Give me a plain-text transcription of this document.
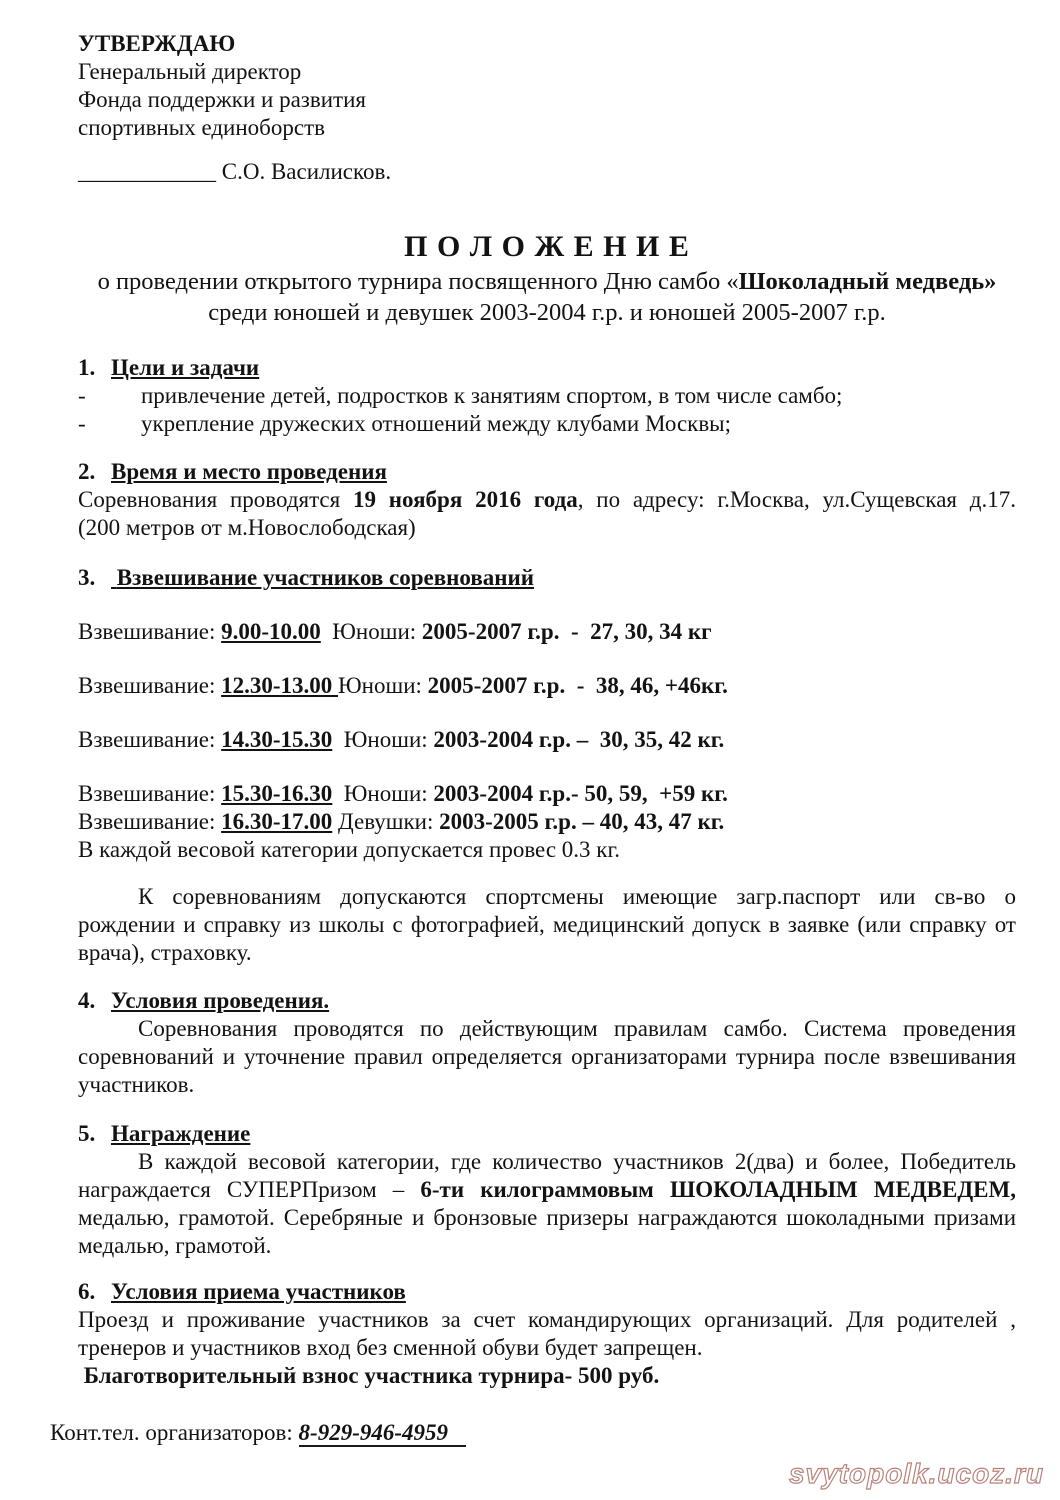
УТВЕРЖДАЮ
Генеральный директор
Фонда поддержки и развития
спортивных единоборств
____________ С.О. Василисков.
П О Л О Ж Е Н И Е
о проведении открытого турнира посвященного Дню самбо «Шоколадный медведь»
среди юношей и девушек 2003-2004 г.р. и юношей 2005-2007 г.р.
1. Цели и задачи
-	привлечение детей, подростков к занятиям спортом, в том числе самбо;
-	укрепление дружеских отношений между клубами Москвы;
2. Время и место проведения
Соревнования проводятся 19 ноября 2016 года, по адресу: г.Москва, ул.Сущевская д.17.
(200 метров от м.Новослободская)
3. Взвешивание участников соревнований
Взвешивание: 9.00-10.00  Юноши: 2005-2007 г.р.  -  27, 30, 34 кг
Взвешивание: 12.30-13.00 Юноши: 2005-2007 г.р.  -  38, 46, +46кг.
Взвешивание: 14.30-15.30  Юноши: 2003-2004 г.р. –  30, 35, 42 кг.
Взвешивание: 15.30-16.30  Юноши: 2003-2004 г.р.- 50, 59,  +59 кг.
Взвешивание: 16.30-17.00 Девушки: 2003-2005 г.р. – 40, 43, 47 кг.
В каждой весовой категории допускается провес 0.3 кг.
К соревнованиям допускаются спортсмены имеющие загр.паспорт или св-во о
рождении и справку из школы с фотографией, медицинский допуск в заявке (или справку от
врача), страховку.
4. Условия проведения.
Соревнования проводятся по действующим правилам самбо. Система проведения
соревнований и уточнение правил определяется организаторами турнира после взвешивания
участников.
5. Награждение
В каждой весовой категории, где количество участников 2(два) и более, Победитель
награждается СУПЕРПризом – 6-ти килограммовым ШОКОЛАДНЫМ МЕДВЕДЕМ,
медалью, грамотой. Серебряные и бронзовые призеры награждаются шоколадными призами
медалью, грамотой.
6. Условия приема участников
Проезд и проживание участников за счет командирующих организаций. Для родителей ,
тренеров и участников вход без сменной обуви будет запрещен.
Благотворительный взнос участника турнира- 500 руб.
Конт.тел. организаторов: 8-929-946-4959
svytopolk.ucoz.ru
